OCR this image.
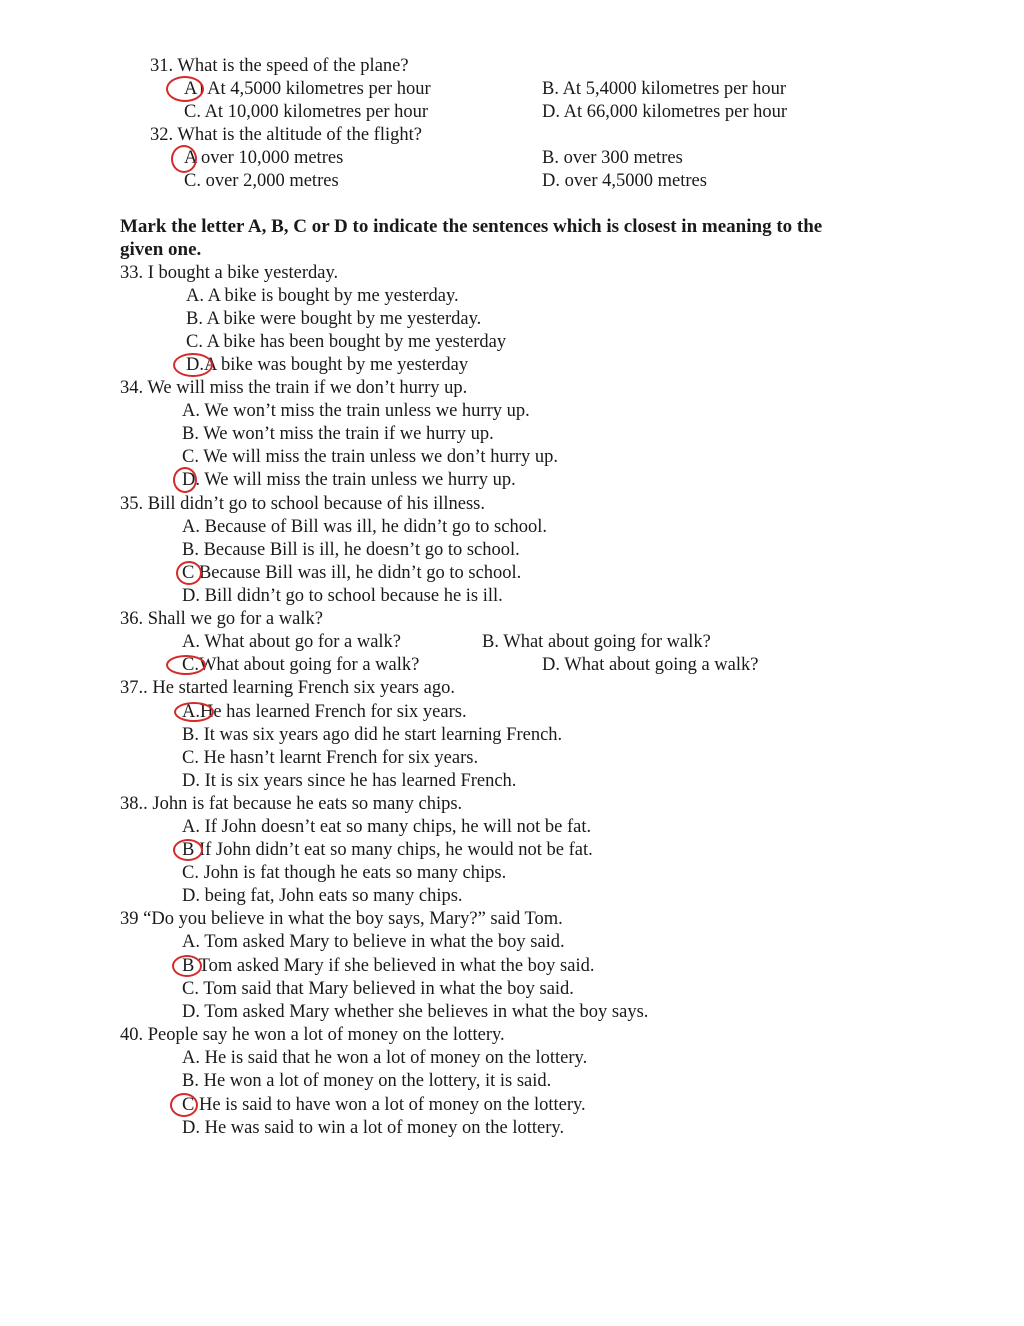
31. What is the speed of the plane?
A) At 4,5000 kilometres per hour	B. At 5,4000 kilometres per hour
C. At 10,000 kilometres per hour	D. At 66,000 kilometres per hour
32. What is the altitude of the flight?
A over 10,000 metres	B. over 300 metres
C. over 2,000 metres	D. over 4,5000 metres
Mark the letter A, B, C or D to indicate the sentences which is closest in meaning to the
given one.
33. I bought a bike yesterday.
A. A bike is bought by me yesterday.
B. A bike were bought by me yesterday.
C. A bike has been bought by me yesterday
D.A bike was bought by me yesterday
34. We will miss the train if we don’t hurry up.
A. We won’t miss the train unless we hurry up.
B. We won’t miss the train if we hurry up.
C. We will miss the train unless we don’t hurry up.
D. We will miss the train unless we hurry up.
35. Bill didn’t go to school because of his illness.
A. Because of Bill was ill, he didn’t go to school.
B. Because Bill is ill, he doesn’t go to school.
C Because Bill was ill, he didn’t go to school.
D. Bill didn’t go to school because he is ill.
36. Shall we go for a walk?
A. What about go for a walk?	B. What about going for walk?
C.What about going for a walk?	D. What about going a walk?
37.. He started learning French six years ago.
A.He has learned French for six years.
B. It was six years ago did he start learning French.
C. He hasn’t learnt French for six years.
D. It is six years since he has learned French.
38.. John is fat because he eats so many chips.
A. If John doesn’t eat so many chips, he will not be fat.
B If John didn’t eat so many chips, he would not be fat.
C. John is fat though he eats so many chips.
D. being fat, John eats so many chips.
39 “Do you believe in what the boy says, Mary?” said Tom.
A. Tom asked Mary to believe in what the boy said.
B Tom asked Mary if she believed in what the boy said.
C. Tom said that Mary believed in what the boy said.
D. Tom asked Mary whether she believes in what the boy says.
40. People say he won a lot of money on the lottery.
A. He is said that he won a lot of money on the lottery.
B. He won a lot of money on the lottery, it is said.
C He is said to have won a lot of money on the lottery.
D. He was said to win a lot of money on the lottery.
